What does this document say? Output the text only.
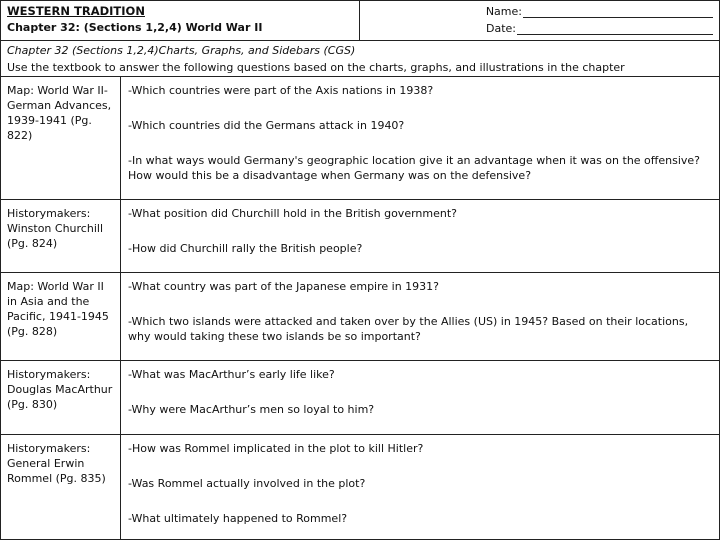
WESTERN TRADITION
Chapter 32: (Sections 1,2,4) World War II
Name:
Date:
Chapter 32 (Sections 1,2,4)Charts, Graphs, and Sidebars (CGS)
Use the textbook to answer the following questions based on the charts, graphs, and illustrations in the chapter
Map: World War II-German Advances, 1939-1941 (Pg. 822)
-Which countries were part of the Axis nations in 1938?
-Which countries did the Germans attack in 1940?
-In what ways would Germany's geographic location give it an advantage when it was on the offensive? How would this be a disadvantage when Germany was on the defensive?
Historymakers: Winston Churchill (Pg. 824)
-What position did Churchill hold in the British government?
-How did Churchill rally the British people?
Map: World War II in Asia and the Pacific, 1941-1945 (Pg. 828)
-What country was part of the Japanese empire in 1931?
-Which two islands were attacked and taken over by the Allies (US) in 1945? Based on their locations, why would taking these two islands be so important?
Historymakers: Douglas MacArthur (Pg. 830)
-What was MacArthur’s early life like?
-Why were MacArthur’s men so loyal to him?
Historymakers: General Erwin Rommel (Pg. 835)
-How was Rommel implicated in the plot to kill Hitler?
-Was Rommel actually involved in the plot?
-What ultimately happened to Rommel?
